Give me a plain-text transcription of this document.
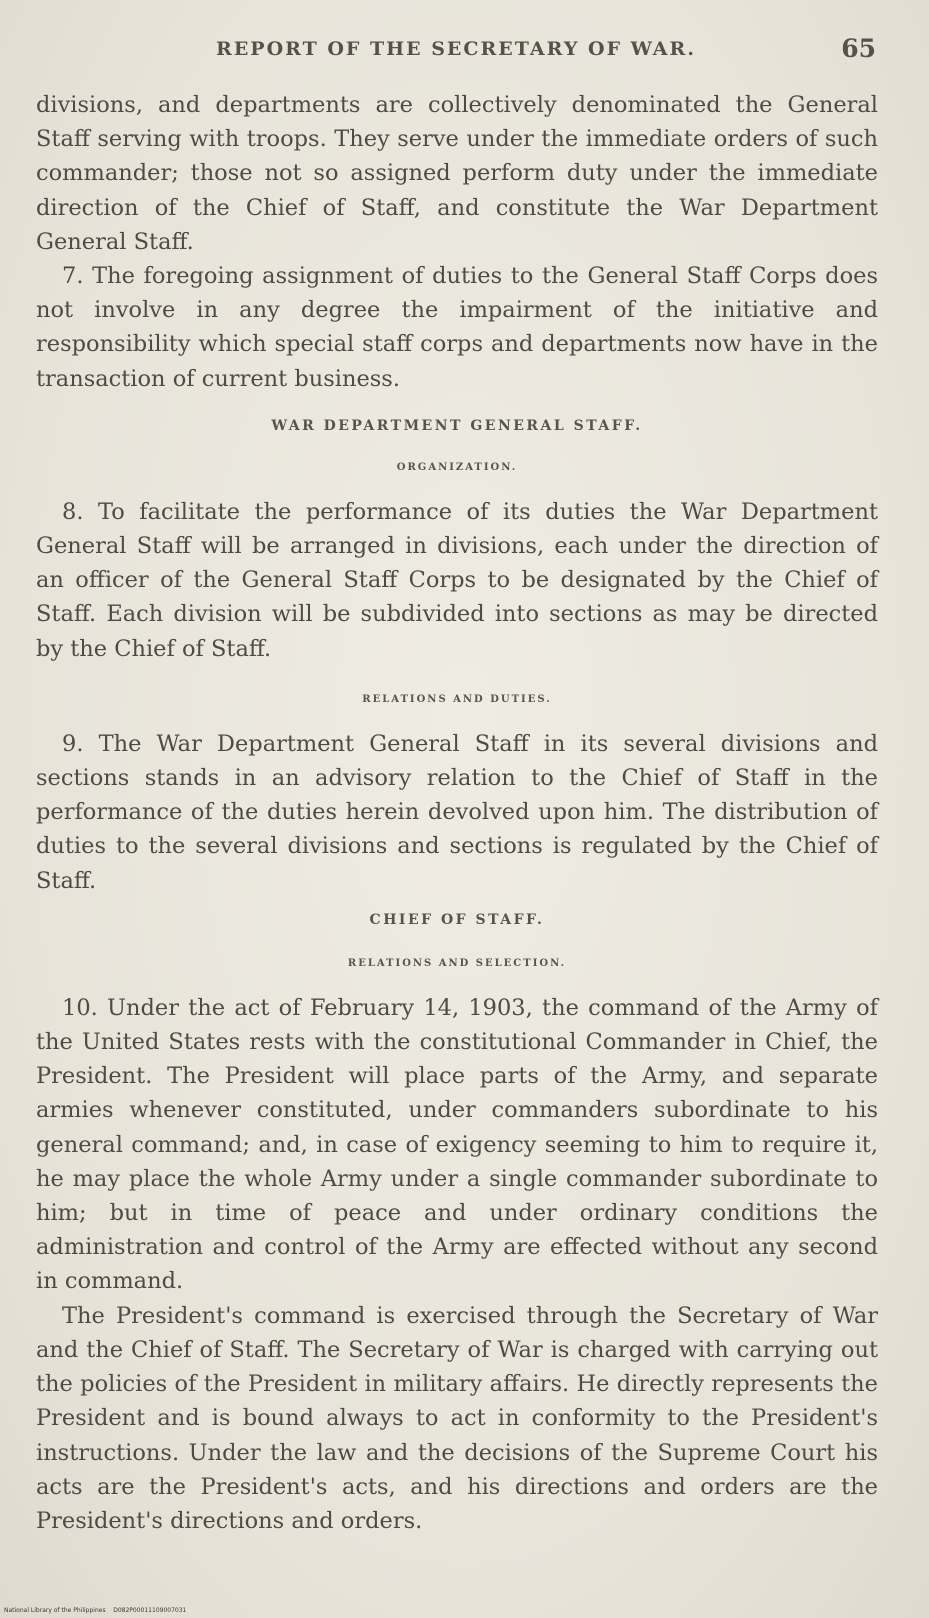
REPORT OF THE SECRETARY OF WAR.	65

divisions, and departments are collectively denominated the General Staff serving with troops. They serve under the immediate orders of such commander; those not so assigned perform duty under the immediate direction of the Chief of Staff, and constitute the War Department General Staff.

7. The foregoing assignment of duties to the General Staff Corps does not involve in any degree the impairment of the initiative and responsibility which special staff corps and departments now have in the transaction of current business.

WAR DEPARTMENT GENERAL STAFF.
ORGANIZATION.

8. To facilitate the performance of its duties the War Department General Staff will be arranged in divisions, each under the direction of an officer of the General Staff Corps to be designated by the Chief of Staff. Each division will be subdivided into sections as may be directed by the Chief of Staff.

RELATIONS AND DUTIES.

9. The War Department General Staff in its several divisions and sections stands in an advisory relation to the Chief of Staff in the performance of the duties herein devolved upon him. The distribution of duties to the several divisions and sections is regulated by the Chief of Staff.

CHIEF OF STAFF.
RELATIONS AND SELECTION.

10. Under the act of February 14, 1903, the command of the Army of the United States rests with the constitutional Commander in Chief, the President. The President will place parts of the Army, and separate armies whenever constituted, under commanders subordinate to his general command; and, in case of exigency seeming to him to require it, he may place the whole Army under a single commander subordinate to him; but in time of peace and under ordinary conditions the administration and control of the Army are effected without any second in command.

The President's command is exercised through the Secretary of War and the Chief of Staff. The Secretary of War is charged with carrying out the policies of the President in military affairs. He directly represents the President and is bound always to act in conformity to the President's instructions. Under the law and the decisions of the Supreme Court his acts are the President's acts, and his directions and orders are the President's directions and orders.

National Library of the Philippines D082P00011109007031
